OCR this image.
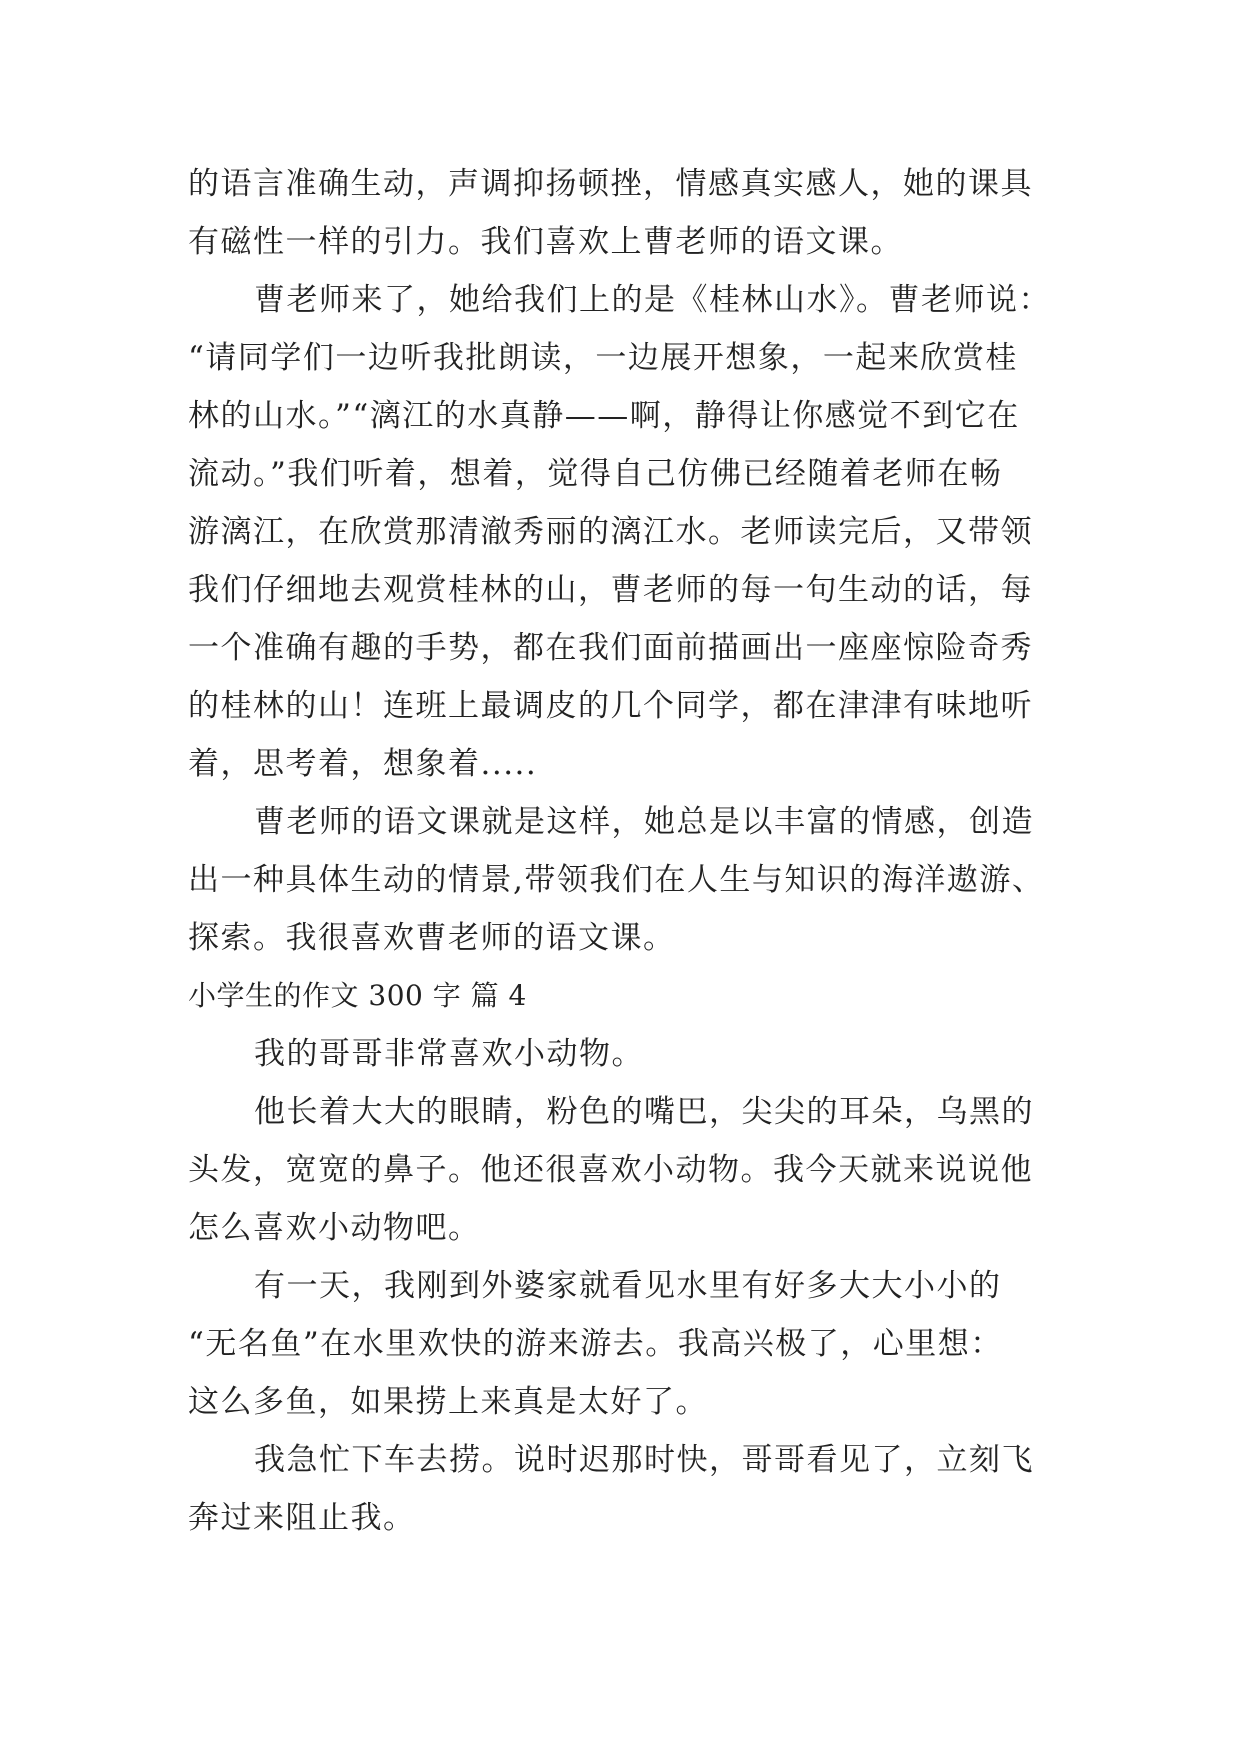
的语言准确生动，声调抑扬顿挫，情感真实感人，她的课具
有磁性一样的引力。我们喜欢上曹老师的语文课。
曹老师来了，她给我们上的是《桂林山水》。曹老师说：
“请同学们一边听我批朗读，一边展开想象，一起来欣赏桂
林的山水。”“漓江的水真静——啊，静得让你感觉不到它在
流动。”我们听着，想着，觉得自己仿佛已经随着老师在畅
游漓江，在欣赏那清澈秀丽的漓江水。老师读完后，又带领
我们仔细地去观赏桂林的山，曹老师的每一句生动的话，每
一个准确有趣的手势，都在我们面前描画出一座座惊险奇秀
的桂林的山！连班上最调皮的几个同学，都在津津有味地听
着，思考着，想象着.....
曹老师的语文课就是这样，她总是以丰富的情感，创造
出一种具体生动的情景,带领我们在人生与知识的海洋遨游、
探索。我很喜欢曹老师的语文课。
小学生的作文 300 字 篇 4
我的哥哥非常喜欢小动物。
他长着大大的眼睛，粉色的嘴巴，尖尖的耳朵，乌黑的
头发，宽宽的鼻子。他还很喜欢小动物。我今天就来说说他
怎么喜欢小动物吧。
有一天，我刚到外婆家就看见水里有好多大大小小的
“无名鱼”在水里欢快的游来游去。我高兴极了，心里想：
这么多鱼，如果捞上来真是太好了。
我急忙下车去捞。说时迟那时快，哥哥看见了，立刻飞
奔过来阻止我。
